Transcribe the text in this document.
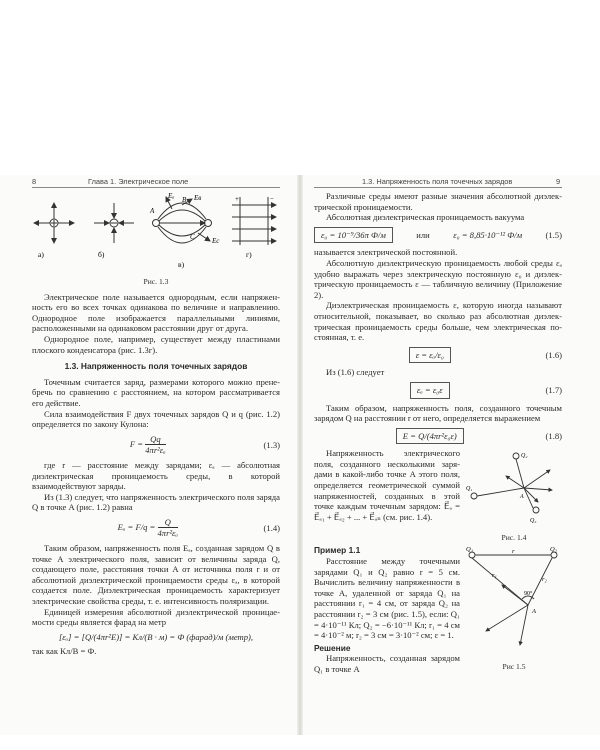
8	Глава 1. Электрическое поле
Eₐ B Eв
A
C Eс
+	−
а)	б)
в)
г)
Рис. 1.3

Электрическое поле называется однородным, если напряженность его во всех точках одинакова по величине и направлению. Однородное поле изображается параллельными линиями, расположенными на одинаковом расстоянии друг от друга.

Однородное поле, например, существует между пластинами плоского конденсатора (рис. 1.3г).

1.3. Напряженность поля точечных зарядов

Точечным считается заряд, размерами которого можно пренебречь по сравнению с расстоянием, на котором рассматривается его действие.

Сила взаимодействия F двух точечных зарядов Q и q (рис. 1.2) определяется по закону Кулона:

$F = \frac{Qq}{\text{4πr²εₐ}}$	(1.3)

где r — расстояние между зарядами; εₐ — абсолютная диэлектрическая проницаемость среды, в которой взаимодействуют заряды.

Из (1.3) следует, что напряженность электрического поля заряда Q в точке A (рис. 1.2) равна

$E_a = F/q = \frac{Q}{\text{4πr²εₐ}}$	(1.4)

Таким образом, напряженность поля Eₐ, созданная зарядом Q в точке A электрического поля, зависит от величины заряда Q, создающего поле, расстояния точки A от источника поля r и от абсолютной диэлектрической проницаемости среды εₐ, в которой создается поле. Диэлектрическая проницаемость характеризует электрические свойства среды, т. е. интенсивность поляризации.

Единицей измерения абсолютной диэлектрической проницаемости среды является фарад на метр

[εₐ] = [Q/(4πr²E)] = Кл/(В · м) = Ф (фарад)/м (метр),

так как Кл/В = Ф.

1.3. Напряженность поля точечных зарядов	9

Различные среды имеют разные значения абсолютной диэлектрической проницаемости.

Абсолютная диэлектрическая проницаемость вакуума

ε₀ = 10⁻⁹/36π Ф/м	или	ε₀ = 8,85·10⁻¹² Ф/м	(1.5)

называется электрической постоянной.

Абсолютную диэлектрическую проницаемость любой среды εₐ удобно выражать через электрическую постоянную ε₀ и диэлектрическую проницаемость ε — табличную величину (Приложение 2).

Диэлектрическая проницаемость ε, которую иногда называют относительной, показывает, во сколько раз абсолютная диэлектрическая проницаемость среды больше, чем электрическая постоянная, т. е.

ε = εₐ/ε₀	(1.6)

Из (1.6) следует

εₐ = ε₀ε	(1.7)

Таким образом, напряженность поля, созданного точечным зарядом Q на расстоянии r от него, определяется выражением

E = Q/(4πr²ε₀ε)	(1.8)

Напряженность электрического поля, созданного несколькими зарядами в какой-либо точке A этого поля, определяется геометрической суммой напряженностей, созданных в этой точке каждым точечным зарядом: E⃗ₐ = E⃗ₐ₁ + E⃗ₐ₂ + ... + E⃗ₐₙ (см. рис. 1.4).

Q₂
Q₁
Q₃
A
Рис. 1.4
Пример 1.1

Расстояние между точечными зарядами Q₁ и Q₂ равно r = 5 см. Вычислить величину напряженности в точке A, удаленной от заряда Q₁ на расстоянии r₁ = 4 см, от заряда Q₂ на расстоянии r₂ = 3 см (рис. 1.5), если: Q₁ = 4·10⁻¹¹ Кл; Q₂ = −6·10⁻¹¹ Кл; r₁ = 4 см = 4·10⁻² м; r₂ = 3 см = 3·10⁻² см; ε = 1.

Решение

Напряженность, созданная зарядом Q₁ в точке A

Q₁	r	Q₂
r₁
r₂
90°
A
Рис 1.5
